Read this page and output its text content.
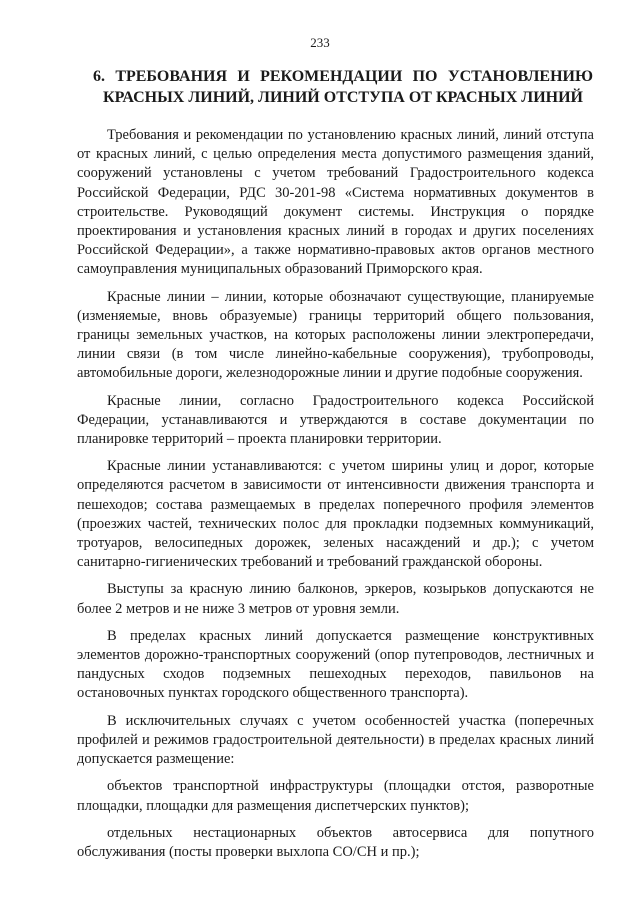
233
6. ТРЕБОВАНИЯ И РЕКОМЕНДАЦИИ ПО УСТАНОВЛЕНИЮ КРАСНЫХ ЛИНИЙ, ЛИНИЙ ОТСТУПА ОТ КРАСНЫХ ЛИНИЙ

Требования и рекомендации по установлению красных линий, линий отступа от красных линий, с целью определения места допустимого размещения зданий, сооружений установлены с учетом требований Градостроительного кодекса Российской Федерации, РДС 30-201-98 «Система нормативных документов в строительстве. Руководящий документ системы. Инструкция о порядке проектирования и установления красных линий в городах и других поселениях Российской Федерации», а также нормативно-правовых актов органов местного самоуправления муниципальных образований Приморского края.

Красные линии – линии, которые обозначают существующие, планируемые (изменяемые, вновь образуемые) границы территорий общего пользования, границы земельных участков, на которых расположены линии электропередачи, линии связи (в том числе линейно-кабельные сооружения), трубопроводы, автомобильные дороги, железнодорожные линии и другие подобные сооружения.

Красные линии, согласно Градостроительного кодекса Российской Федерации, устанавливаются и утверждаются в составе документации по планировке территорий – проекта планировки территории.

Красные линии устанавливаются: с учетом ширины улиц и дорог, которые определяются расчетом в зависимости от интенсивности движения транспорта и пешеходов; состава размещаемых в пределах поперечного профиля элементов (проезжих частей, технических полос для прокладки подземных коммуникаций, тротуаров, велосипедных дорожек, зеленых насаждений и др.); с учетом санитарно-гигиенических требований и требований гражданской обороны.

Выступы за красную линию балконов, эркеров, козырьков допускаются не более 2 метров и не ниже 3 метров от уровня земли.

В пределах красных линий допускается размещение конструктивных элементов дорожно-транспортных сооружений (опор путепроводов, лестничных и пандусных сходов подземных пешеходных переходов, павильонов на остановочных пунктах городского общественного транспорта).

В исключительных случаях с учетом особенностей участка (поперечных профилей и режимов градостроительной деятельности) в пределах красных линий допускается размещение:

объектов транспортной инфраструктуры (площадки отстоя, разворотные площадки, площадки для размещения диспетчерских пунктов);

отдельных нестационарных объектов автосервиса для попутного обслуживания (посты проверки выхлопа СО/СН и пр.);
